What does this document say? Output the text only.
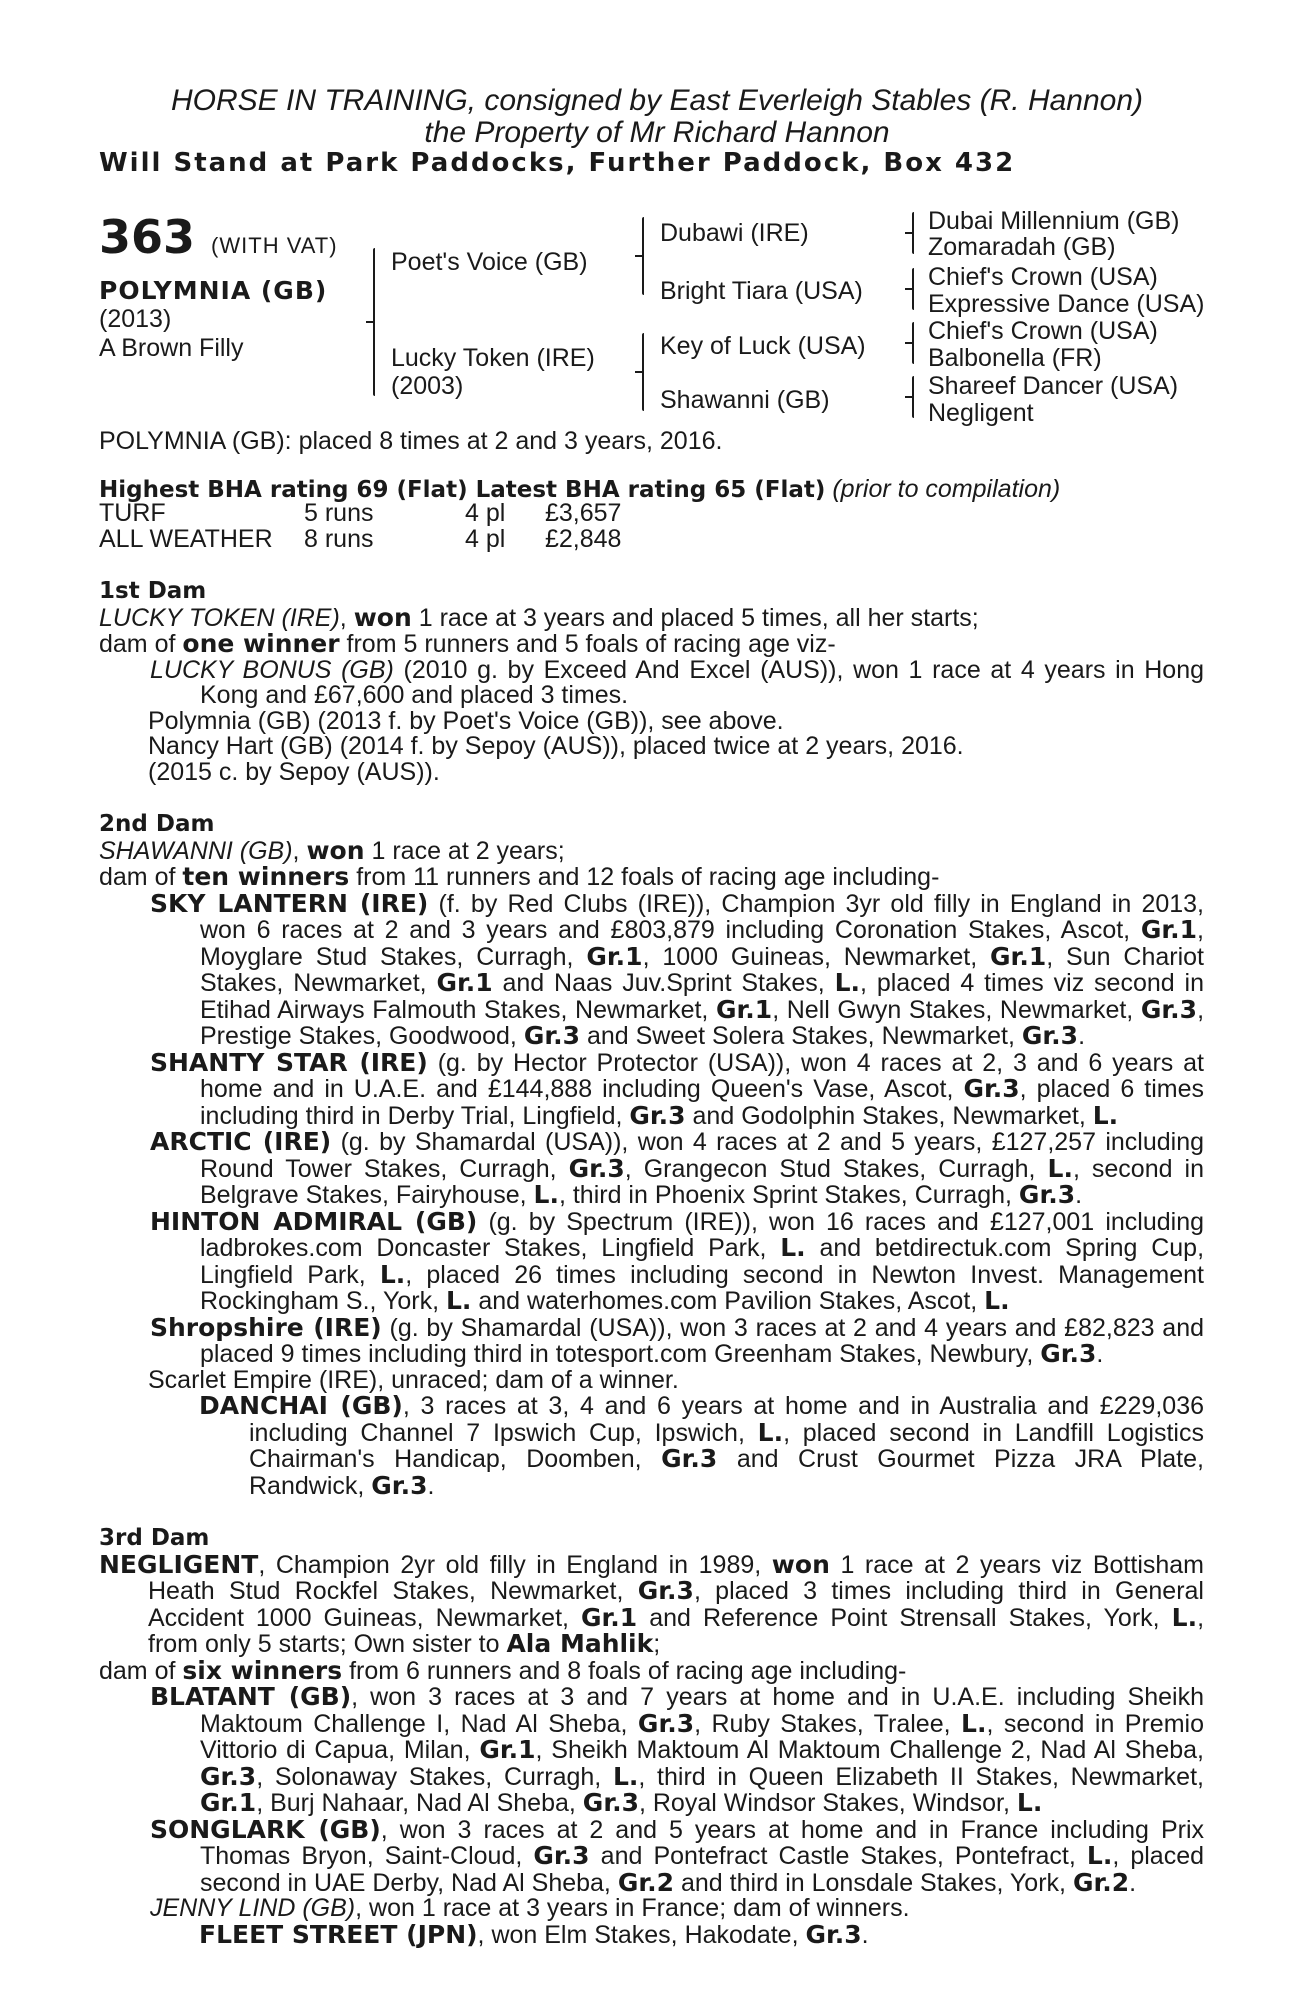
HORSE IN TRAINING, consigned by East Everleigh Stables (R. Hannon)
the Property of Mr Richard Hannon
Will Stand at Park Paddocks, Further Paddock, Box 432
363 (WITH VAT)
POLYMNIA (GB)
(2013)
A Brown Filly
Poet's Voice (GB)
Lucky Token (IRE)
(2003)
Dubawi (IRE)
Bright Tiara (USA)
Key of Luck (USA)
Shawanni (GB)
Dubai Millennium (GB)
Zomaradah (GB)
Chief's Crown (USA)
Expressive Dance (USA)
Chief's Crown (USA)
Balbonella (FR)
Shareef Dancer (USA)
Negligent
POLYMNIA (GB): placed 8 times at 2 and 3 years, 2016.
Highest BHA rating 69 (Flat) Latest BHA rating 65 (Flat) (prior to compilation)
TURF	5 runs	4 pl £3,657
ALL WEATHER 8 runs	4 pl £2,848

1st Dam

LUCKY TOKEN (IRE), won 1 race at 3 years and placed 5 times, all her starts;

dam of one winner from 5 runners and 5 foals of racing age viz-

LUCKY BONUS (GB) (2010 g. by Exceed And Excel (AUS)), won 1 race at 4 years in Hong Kong and £67,600 and placed 3 times.

Polymnia (GB) (2013 f. by Poet's Voice (GB)), see above.

Nancy Hart (GB) (2014 f. by Sepoy (AUS)), placed twice at 2 years, 2016.

(2015 c. by Sepoy (AUS)).

2nd Dam

SHAWANNI (GB), won 1 race at 2 years;

dam of ten winners from 11 runners and 12 foals of racing age including-

SKY LANTERN (IRE) (f. by Red Clubs (IRE)), Champion 3yr old filly in England in 2013, won 6 races at 2 and 3 years and £803,879 including Coronation Stakes, Ascot, Gr.1, Moyglare Stud Stakes, Curragh, Gr.1, 1000 Guineas, Newmarket, Gr.1, Sun Chariot Stakes, Newmarket, Gr.1 and Naas Juv.Sprint Stakes, L., placed 4 times viz second in Etihad Airways Falmouth Stakes, Newmarket, Gr.1, Nell Gwyn Stakes, Newmarket, Gr.3, Prestige Stakes, Goodwood, Gr.3 and Sweet Solera Stakes, Newmarket, Gr.3.

SHANTY STAR (IRE) (g. by Hector Protector (USA)), won 4 races at 2, 3 and 6 years at home and in U.A.E. and £144,888 including Queen's Vase, Ascot, Gr.3, placed 6 times including third in Derby Trial, Lingfield, Gr.3 and Godolphin Stakes, Newmarket, L.

ARCTIC (IRE) (g. by Shamardal (USA)), won 4 races at 2 and 5 years, £127,257 including Round Tower Stakes, Curragh, Gr.3, Grangecon Stud Stakes, Curragh, L., second in Belgrave Stakes, Fairyhouse, L., third in Phoenix Sprint Stakes, Curragh, Gr.3.

HINTON ADMIRAL (GB) (g. by Spectrum (IRE)), won 16 races and £127,001 including ladbrokes.com Doncaster Stakes, Lingfield Park, L. and betdirectuk.com Spring Cup, Lingfield Park, L., placed 26 times including second in Newton Invest. Management Rockingham S., York, L. and waterhomes.com Pavilion Stakes, Ascot, L.

Shropshire (IRE) (g. by Shamardal (USA)), won 3 races at 2 and 4 years and £82,823 and placed 9 times including third in totesport.com Greenham Stakes, Newbury, Gr.3.

Scarlet Empire (IRE), unraced; dam of a winner.

DANCHAI (GB), 3 races at 3, 4 and 6 years at home and in Australia and £229,036 including Channel 7 Ipswich Cup, Ipswich, L., placed second in Landfill Logistics Chairman's Handicap, Doomben, Gr.3 and Crust Gourmet Pizza JRA Plate, Randwick, Gr.3.

3rd Dam

NEGLIGENT, Champion 2yr old filly in England in 1989, won 1 race at 2 years viz Bottisham Heath Stud Rockfel Stakes, Newmarket, Gr.3, placed 3 times including third in General Accident 1000 Guineas, Newmarket, Gr.1 and Reference Point Strensall Stakes, York, L., from only 5 starts; Own sister to Ala Mahlik;

dam of six winners from 6 runners and 8 foals of racing age including-

BLATANT (GB), won 3 races at 3 and 7 years at home and in U.A.E. including Sheikh Maktoum Challenge I, Nad Al Sheba, Gr.3, Ruby Stakes, Tralee, L., second in Premio Vittorio di Capua, Milan, Gr.1, Sheikh Maktoum Al Maktoum Challenge 2, Nad Al Sheba, Gr.3, Solonaway Stakes, Curragh, L., third in Queen Elizabeth II Stakes, Newmarket, Gr.1, Burj Nahaar, Nad Al Sheba, Gr.3, Royal Windsor Stakes, Windsor, L.

SONGLARK (GB), won 3 races at 2 and 5 years at home and in France including Prix Thomas Bryon, Saint-Cloud, Gr.3 and Pontefract Castle Stakes, Pontefract, L., placed second in UAE Derby, Nad Al Sheba, Gr.2 and third in Lonsdale Stakes, York, Gr.2.

JENNY LIND (GB), won 1 race at 3 years in France; dam of winners.

FLEET STREET (JPN), won Elm Stakes, Hakodate, Gr.3.
